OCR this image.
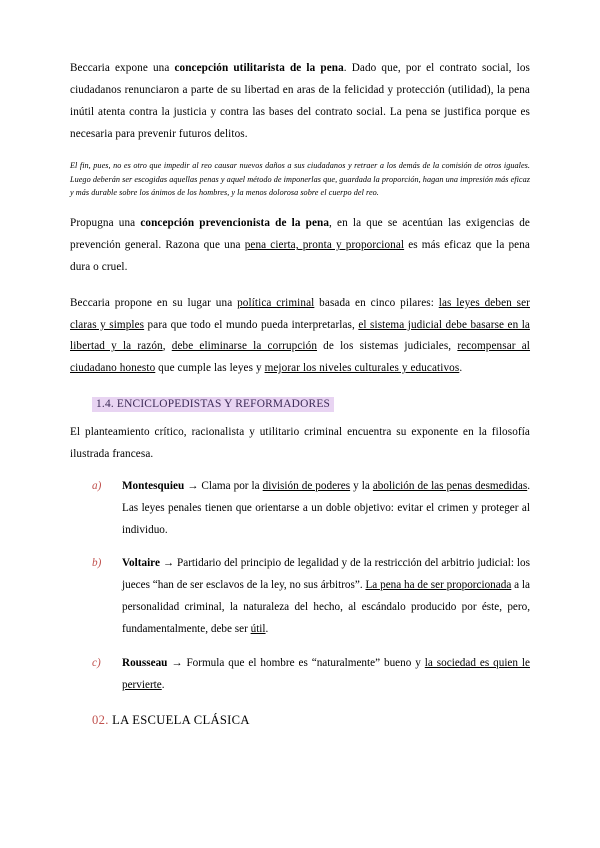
Beccaria expone una concepción utilitarista de la pena. Dado que, por el contrato social, los ciudadanos renunciaron a parte de su libertad en aras de la felicidad y protección (utilidad), la pena inútil atenta contra la justicia y contra las bases del contrato social. La pena se justifica porque es necesaria para prevenir futuros delitos.

El fin, pues, no es otro que impedir al reo causar nuevos daños a sus ciudadanos y retraer a los demás de la comisión de otros iguales. Luego deberán ser escogidas aquellas penas y aquel método de imponerlas que, guardada la proporción, hagan una impresión más eficaz y más durable sobre los ánimos de los hombres, y la menos dolorosa sobre el cuerpo del reo.

Propugna una concepción prevencionista de la pena, en la que se acentúan las exigencias de prevención general. Razona que una pena cierta, pronta y proporcional es más eficaz que la pena dura o cruel.

Beccaria propone en su lugar una política criminal basada en cinco pilares: las leyes deben ser claras y simples para que todo el mundo pueda interpretarlas, el sistema judicial debe basarse en la libertad y la razón, debe eliminarse la corrupción de los sistemas judiciales, recompensar al ciudadano honesto que cumple las leyes y mejorar los niveles culturales y educativos.

1.4. ENCICLOPEDISTAS Y REFORMADORES

El planteamiento crítico, racionalista y utilitario criminal encuentra su exponente en la filosofía ilustrada francesa.

a) Montesquieu → Clama por la división de poderes y la abolición de las penas desmedidas. Las leyes penales tienen que orientarse a un doble objetivo: evitar el crimen y proteger al individuo.
b) Voltaire → Partidario del principio de legalidad y de la restricción del arbitrio judicial: los jueces “han de ser esclavos de la ley, no sus árbitros”. La pena ha de ser proporcionada a la personalidad criminal, la naturaleza del hecho, al escándalo producido por éste, pero, fundamentalmente, debe ser útil.
c) Rousseau → Formula que el hombre es “naturalmente” bueno y la sociedad es quien le pervierte.
02. LA ESCUELA CLÁSICA
